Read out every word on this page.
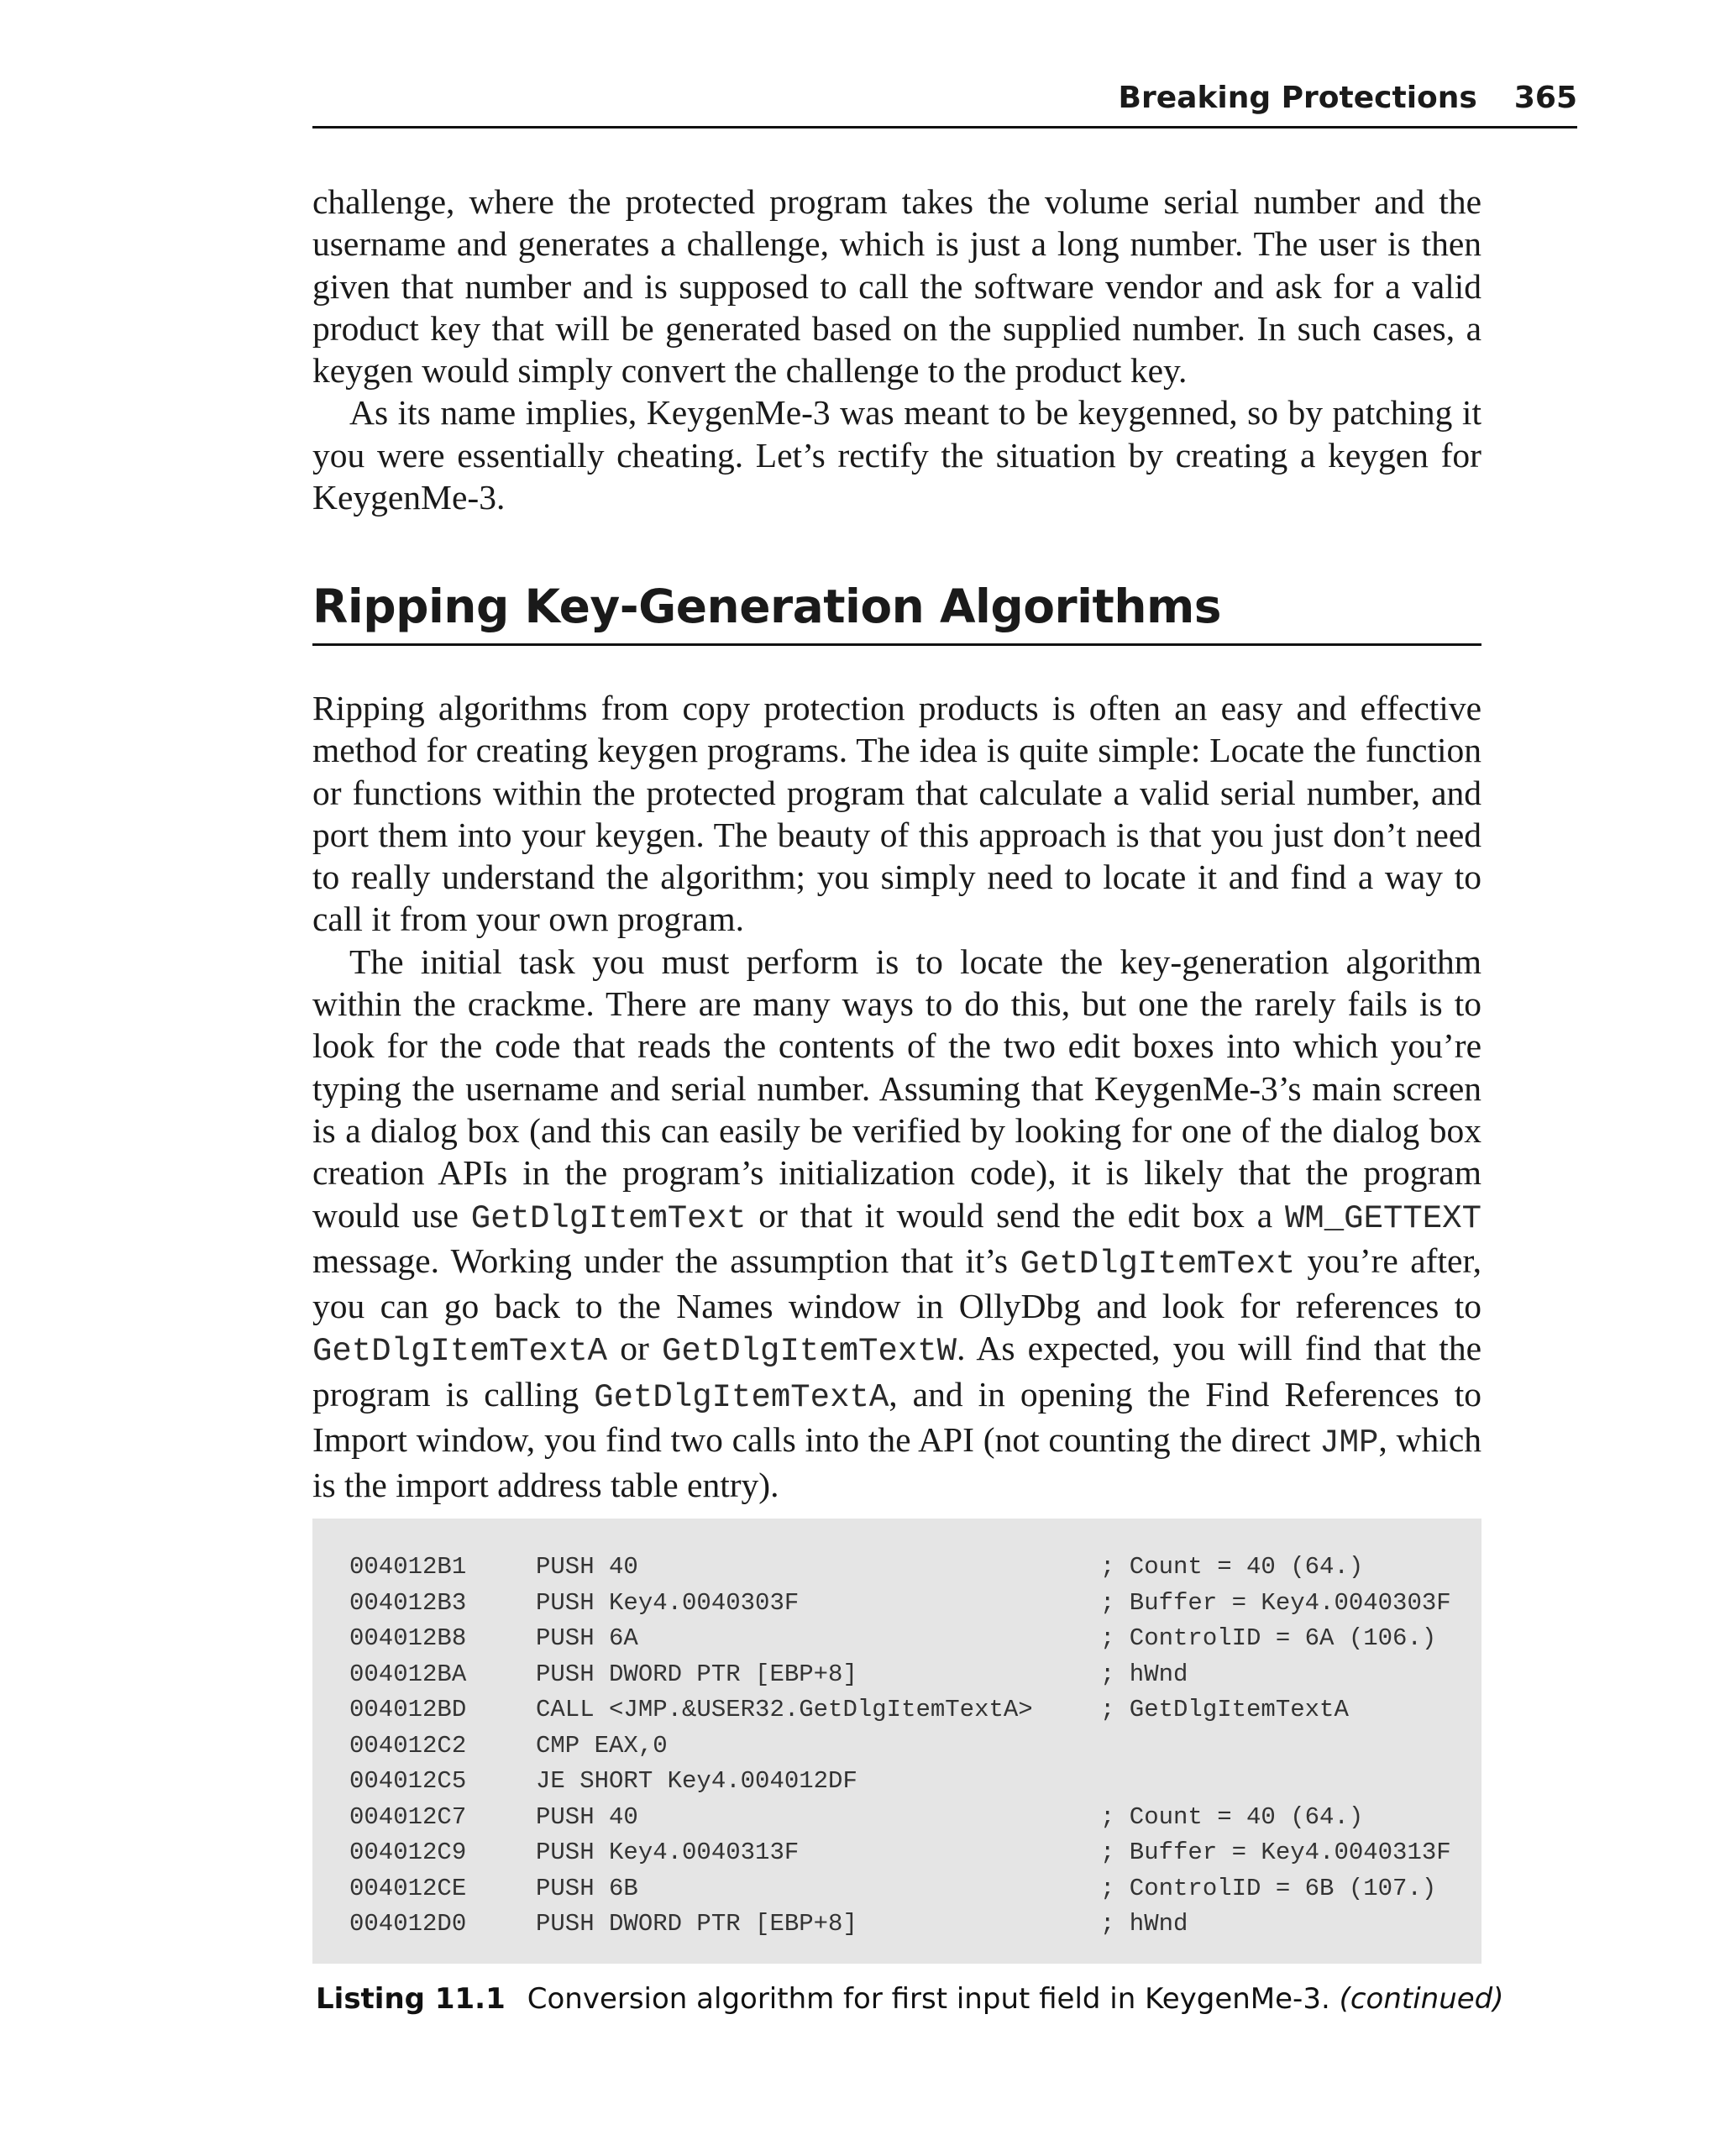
Breaking Protections 365

challenge, where the protected program takes the volume serial number and the username and generates a challenge, which is just a long number. The user is then given that number and is supposed to call the software vendor and ask for a valid product key that will be generated based on the supplied number. In such cases, a keygen would simply convert the challenge to the product key.

As its name implies, KeygenMe-3 was meant to be keygenned, so by patching it you were essentially cheating. Let’s rectify the situation by creating a keygen for KeygenMe-3.

Ripping Key-Generation Algorithms

Ripping algorithms from copy protection products is often an easy and effective method for creating keygen programs. The idea is quite simple: Locate the function or functions within the protected program that calculate a valid serial number, and port them into your keygen. The beauty of this approach is that you just don’t need to really understand the algorithm; you simply need to locate it and find a way to call it from your own program.

The initial task you must perform is to locate the key-generation algorithm within the crackme. There are many ways to do this, but one the rarely fails is to look for the code that reads the contents of the two edit boxes into which you’re typing the username and serial number. Assuming that KeygenMe-3’s main screen is a dialog box (and this can easily be verified by looking for one of the dialog box creation APIs in the program’s initialization code), it is likely that the program would use GetDlgItemText or that it would send the edit box a WM_GETTEXT message. Working under the assumption that it’s GetDlgItemText you’re after, you can go back to the Names window in OllyDbg and look for references to GetDlgItemTextA or GetDlgItemTextW. As expected, you will find that the program is calling GetDlgItemTextA, and in opening the Find References to Import window, you find two calls into the API (not counting the direct JMP, which is the import address table entry).

004012B1	PUSH 40	; Count = 40 (64.)
004012B3	PUSH Key4.0040303F	; Buffer = Key4.0040303F
004012B8	PUSH 6A	; ControlID = 6A (106.)
004012BA	PUSH DWORD PTR [EBP+8]	; hWnd
004012BD	CALL <JMP.&USER32.GetDlgItemTextA>	; GetDlgItemTextA
004012C2	CMP EAX,0
004012C5	JE SHORT Key4.004012DF
004012C7	PUSH 40	; Count = 40 (64.)
004012C9	PUSH Key4.0040313F	; Buffer = Key4.0040313F
004012CE	PUSH 6B	; ControlID = 6B (107.)
004012D0	PUSH DWORD PTR [EBP+8]	; hWnd
Listing 11.1 Conversion algorithm for first input field in KeygenMe-3. (continued)
